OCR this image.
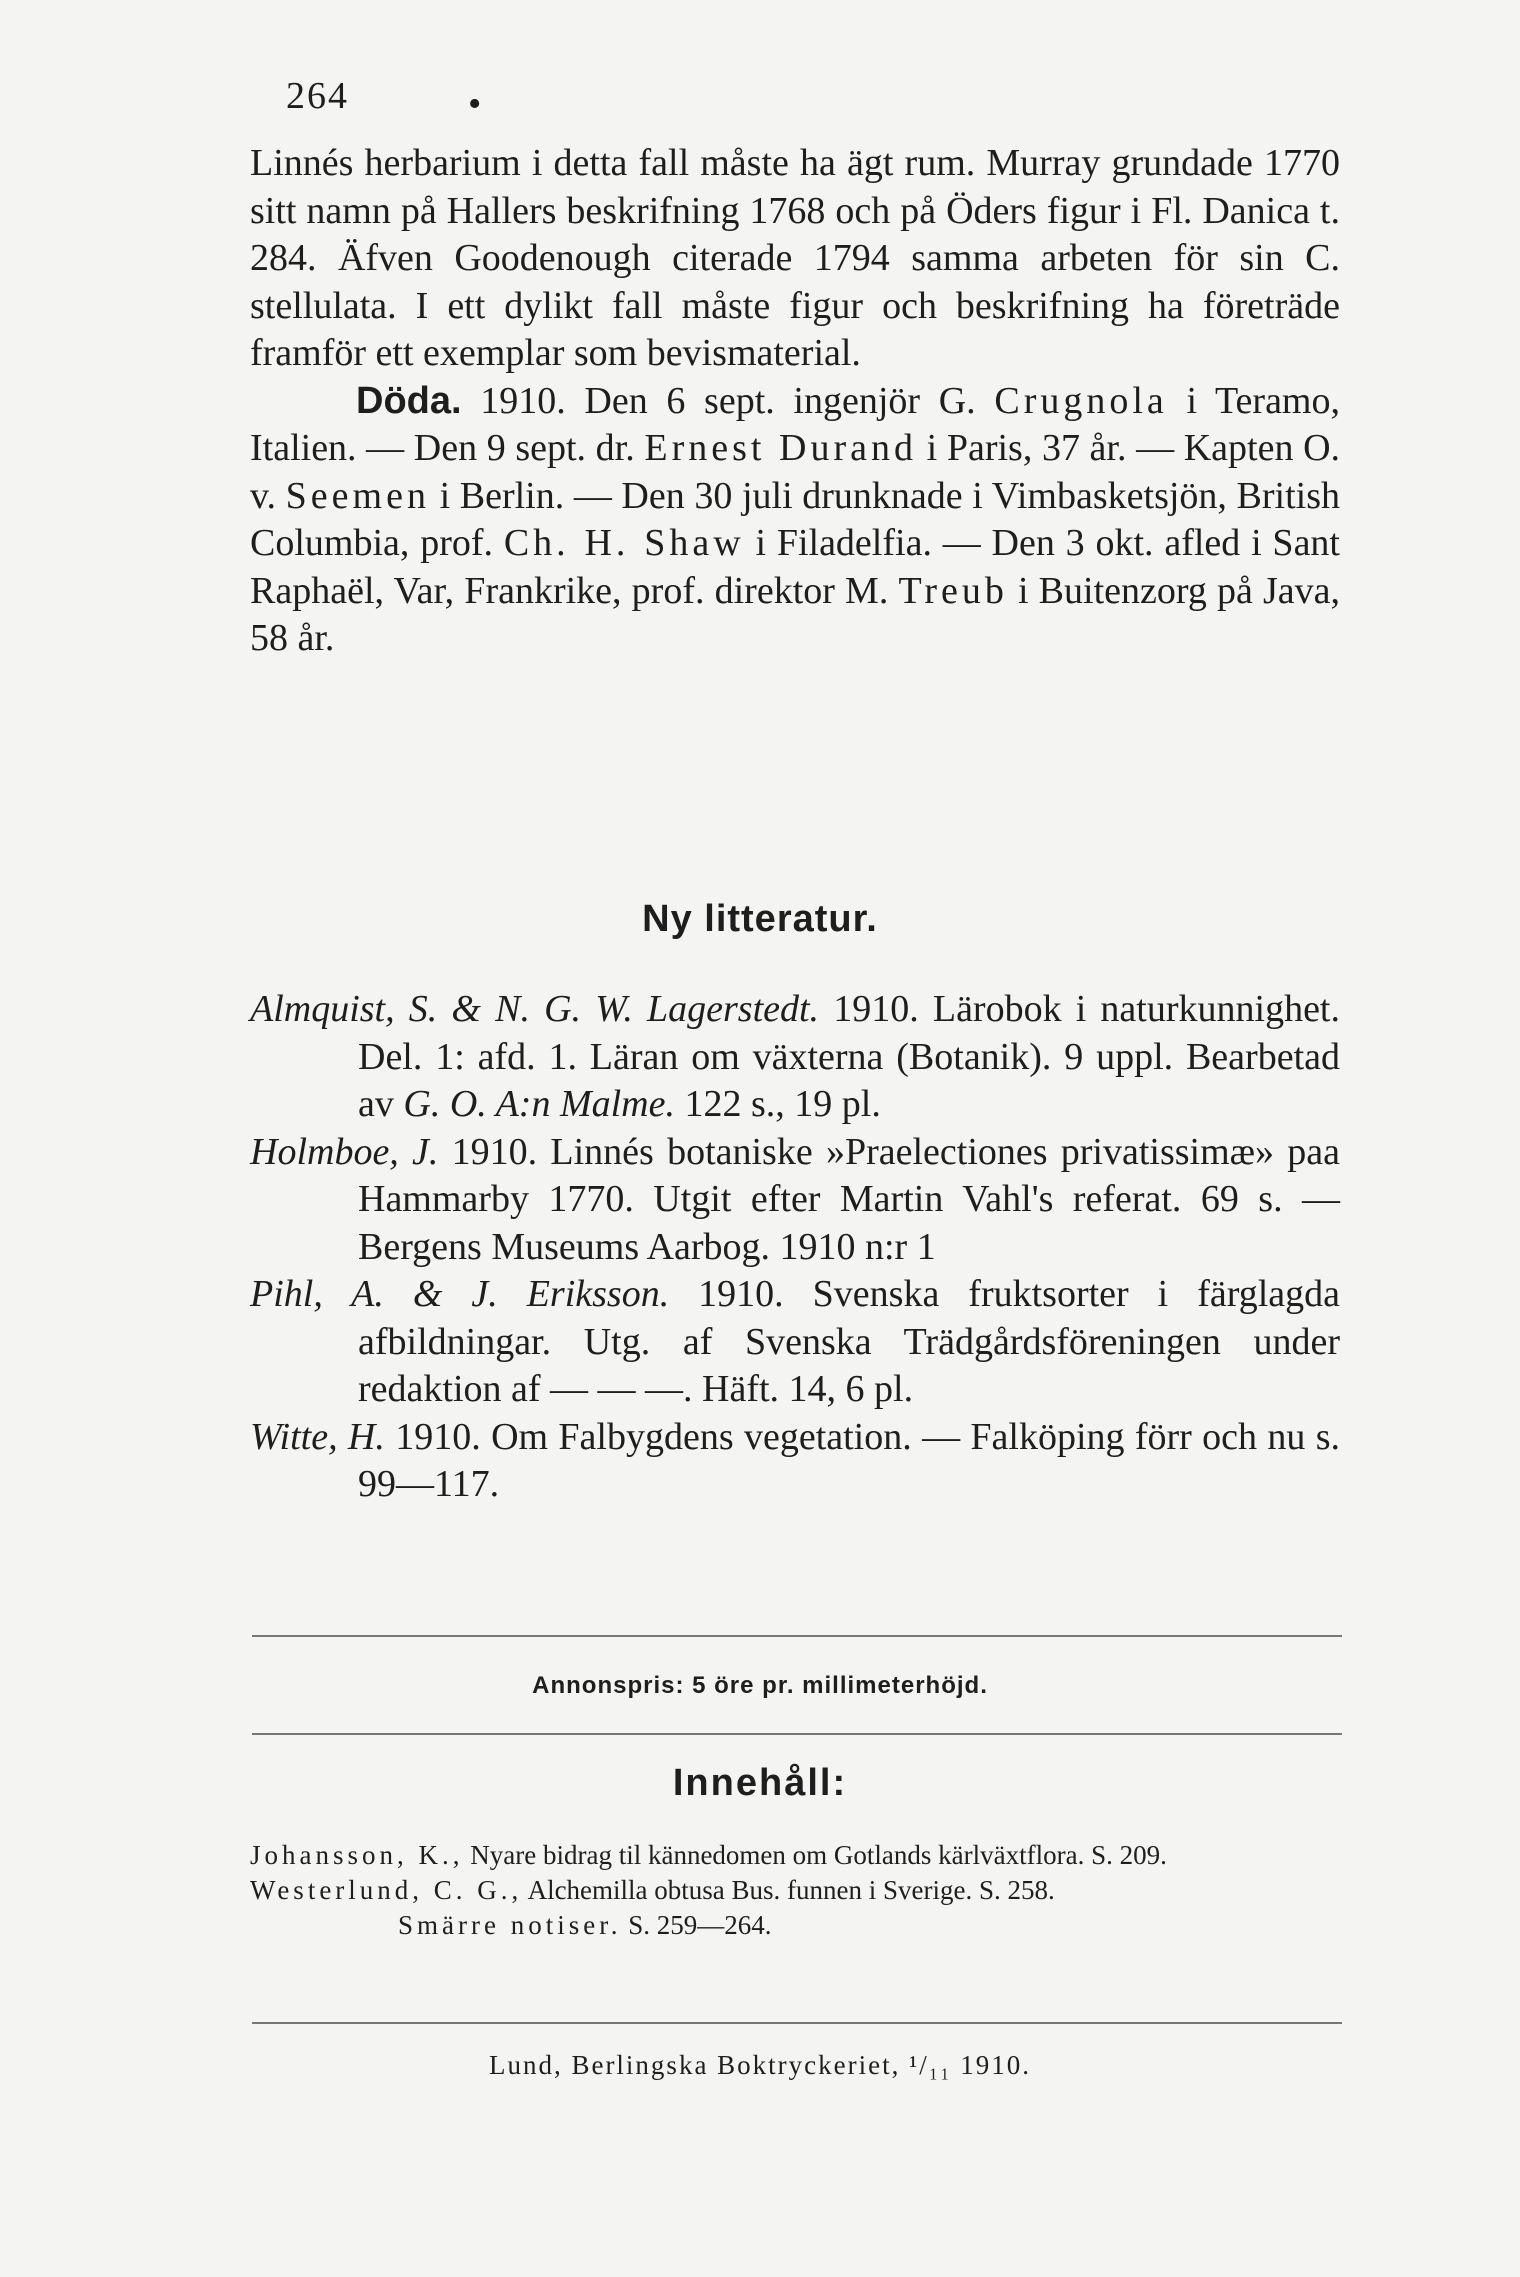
264	•

Linnés herbarium i detta fall måste ha ägt rum. Murray grundade 1770 sitt namn på Hallers beskrifning 1768 och på Öders figur i Fl. Danica t. 284. Äfven Goodenough citerade 1794 samma arbeten för sin C. stellulata. I ett dylikt fall måste figur och beskrifning ha företräde framför ett exemplar som bevismaterial.

Döda. 1910. Den 6 sept. ingenjör G. Crugnola i Teramo, Italien. — Den 9 sept. dr. Ernest Durand i Paris, 37 år. — Kapten O. v. Seemen i Berlin. — Den 30 juli drunknade i Vimbasketsjön, British Columbia, prof. Ch. H. Shaw i Filadelfia. — Den 3 okt. afled i Sant Raphaël, Var, Frankrike, prof. direktor M. Treub i Buitenzorg på Java, 58 år.

Ny litteratur.

Almquist, S. & N. G. W. Lagerstedt. 1910. Lärobok i naturkunnighet. Del. 1: afd. 1. Läran om växterna (Botanik). 9 uppl. Bearbetad av G. O. A:n Malme. 122 s., 19 pl.

Holmboe, J. 1910. Linnés botaniske »Praelectiones privatissimæ» paa Hammarby 1770. Utgit efter Martin Vahl's referat. 69 s. — Bergens Museums Aarbog. 1910 n:r 1

Pihl, A. & J. Eriksson. 1910. Svenska fruktsorter i färglagda afbildningar. Utg. af Svenska Trädgårdsföreningen under redaktion af — — —. Häft. 14, 6 pl.

Witte, H. 1910. Om Falbygdens vegetation. — Falköping förr och nu s. 99—117.

Annonspris: 5 öre pr. millimeterhöjd.
Innehåll:

Johansson, K., Nyare bidrag til kännedomen om Gotlands kärlväxtflora. S. 209.

Westerlund, C. G., Alchemilla obtusa Bus. funnen i Sverige. S. 258.

Smärre notiser. S. 259—264.

Lund, Berlingska Boktryckeriet, ¹/₁₁ 1910.
